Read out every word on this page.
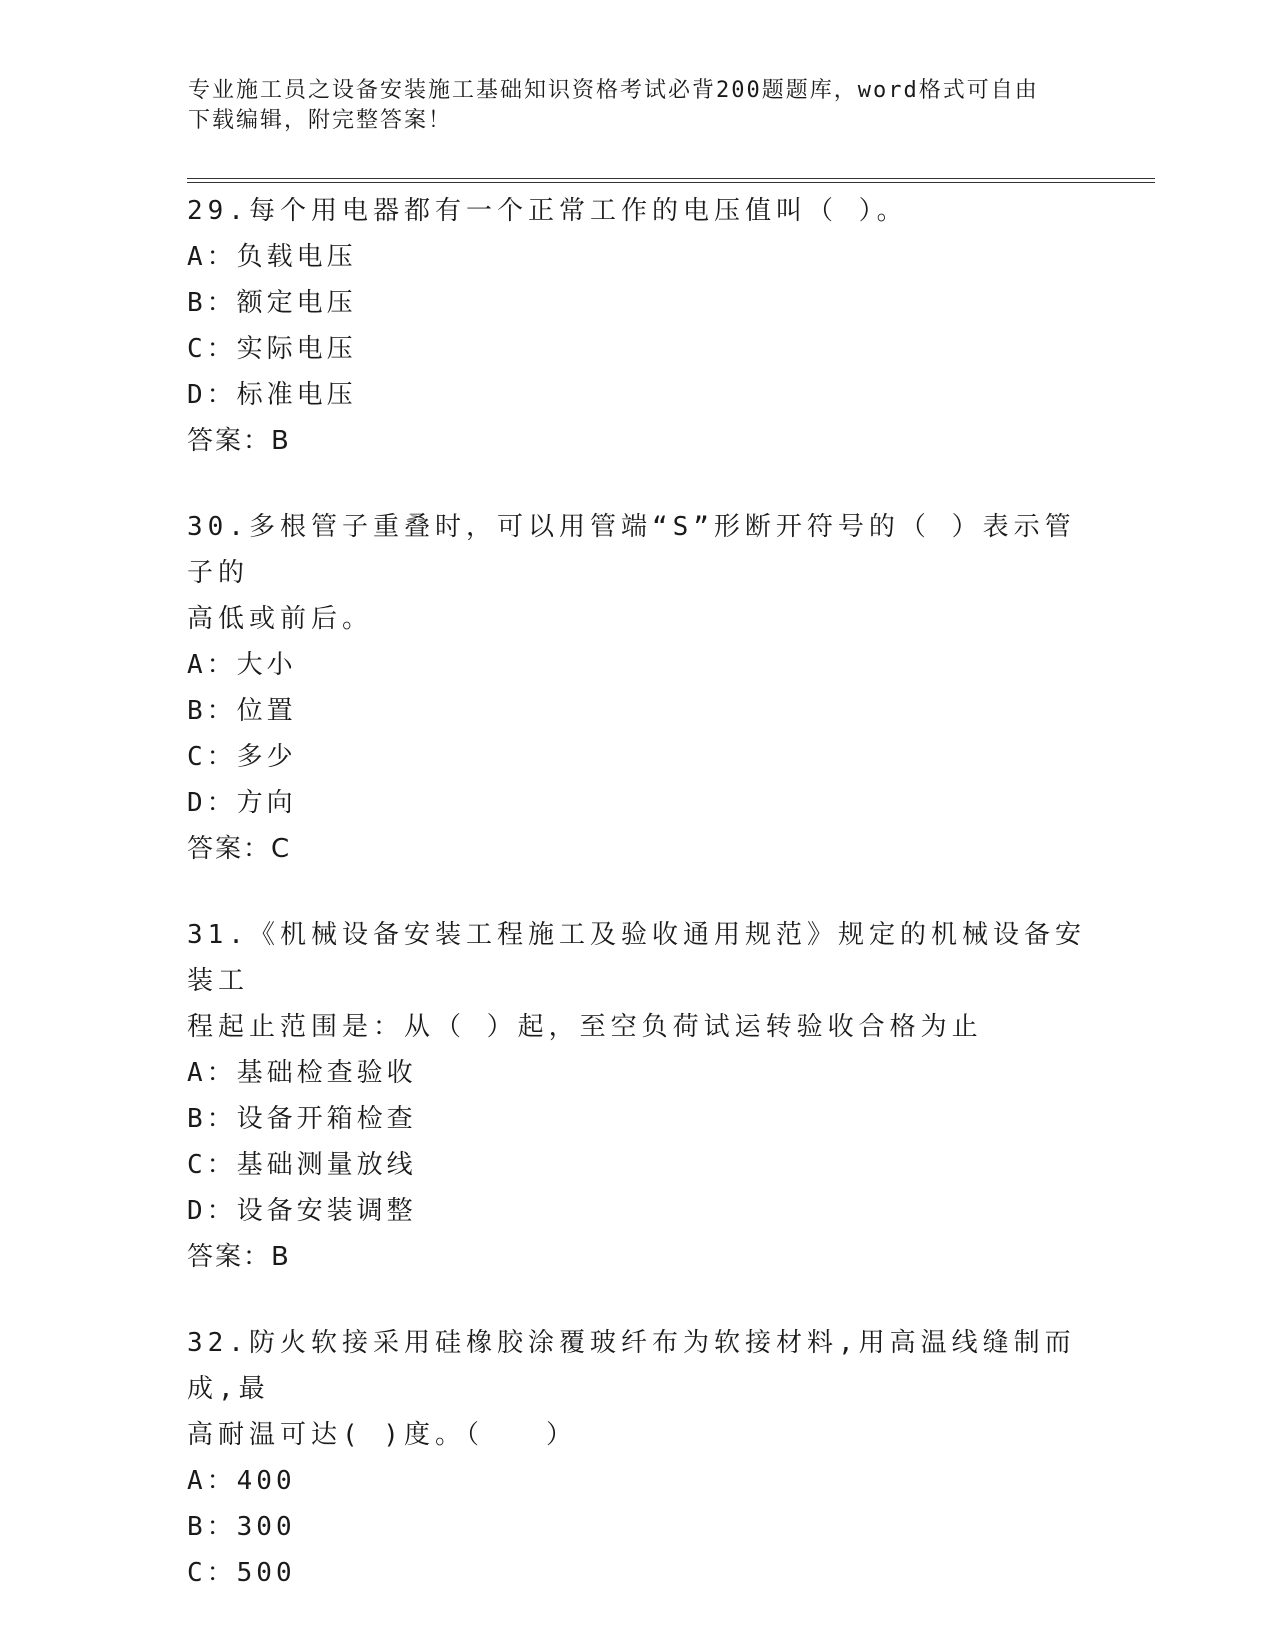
专业施工员之设备安装施工基础知识资格考试必背200题题库，word格式可自由
下载编辑，附完整答案！
29.每个用电器都有一个正常工作的电压值叫（ ）。
A：负载电压
B：额定电压
C：实际电压
D：标准电压
答案：B
30.多根管子重叠时，可以用管端“S”形断开符号的（ ）表示管子的
高低或前后。
A：大小
B：位置
C：多少
D：方向
答案：C
31.《机械设备安装工程施工及验收通用规范》规定的机械设备安装工
程起止范围是：从（ ）起，至空负荷试运转验收合格为止
A：基础检查验收
B：设备开箱检查
C：基础测量放线
D：设备安装调整
答案：B
32.防火软接采用硅橡胶涂覆玻纤布为软接材料,用高温线缝制而成,最
高耐温可达( )度。（　　）
A：400
B：300
C：500
